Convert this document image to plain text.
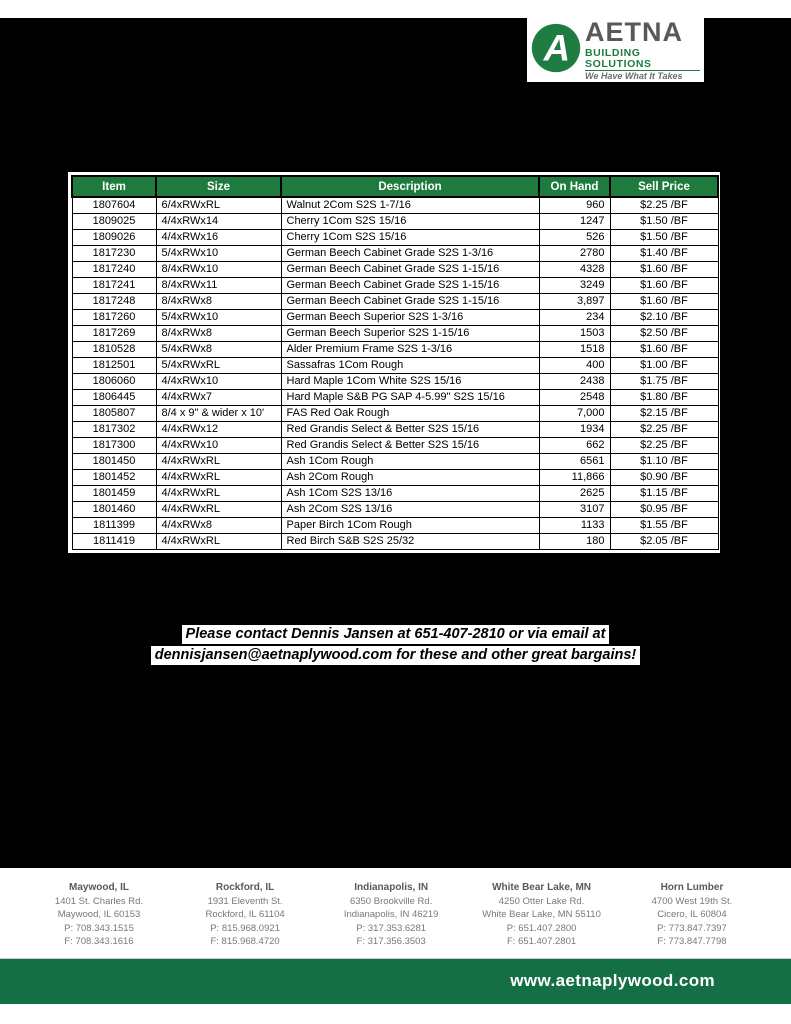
A AETNA
BUILDING SOLUTIONS
We Have What It Takes
Item	Size	Description	On Hand	Sell Price
1807604	6/4xRWxRL	Walnut 2Com S2S 1-7/16	960	$2.25 /BF
1809025	4/4xRWx14	Cherry 1Com S2S 15/16	1247	$1.50 /BF
1809026	4/4xRWx16	Cherry 1Com S2S 15/16	526	$1.50 /BF
1817230	5/4xRWx10	German Beech Cabinet Grade S2S 1-3/16	2780	$1.40 /BF
1817240	8/4xRWx10	German Beech Cabinet Grade S2S 1-15/16	4328	$1.60 /BF
1817241	8/4xRWx11	German Beech Cabinet Grade S2S 1-15/16	3249	$1.60 /BF
1817248	8/4xRWx8	German Beech Cabinet Grade S2S 1-15/16	3,897	$1.60 /BF
1817260	5/4xRWx10	German Beech Superior S2S 1-3/16	234	$2.10 /BF
1817269	8/4xRWx8	German Beech Superior S2S 1-15/16	1503	$2.50 /BF
1810528	5/4xRWx8	Alder Premium Frame S2S 1-3/16	1518	$1.60 /BF
1812501	5/4xRWxRL	Sassafras 1Com Rough	400	$1.00 /BF
1806060	4/4xRWx10	Hard Maple 1Com White S2S 15/16	2438	$1.75 /BF
1806445	4/4xRWx7	Hard Maple S&B PG SAP 4-5.99" S2S 15/16	2548	$1.80 /BF
1805807	8/4 x 9" & wider x 10'	FAS Red Oak Rough	7,000	$2.15 /BF
1817302	4/4xRWx12	Red Grandis Select & Better S2S 15/16	1934	$2.25 /BF
1817300	4/4xRWx10	Red Grandis Select & Better S2S 15/16	662	$2.25 /BF
1801450	4/4xRWxRL	Ash 1Com Rough	6561	$1.10 /BF
1801452	4/4xRWxRL	Ash 2Com Rough	11,866	$0.90 /BF
1801459	4/4xRWxRL	Ash 1Com S2S 13/16	2625	$1.15 /BF
1801460	4/4xRWxRL	Ash 2Com S2S 13/16	3107	$0.95 /BF
1811399	4/4xRWx8	Paper Birch 1Com Rough	1133	$1.55 /BF
1811419	4/4xRWxRL	Red Birch S&B S2S 25/32	180	$2.05 /BF
Please contact Dennis Jansen at 651-407-2810 or via email at
dennisjansen@aetnaplywood.com for these and other great bargains!
Maywood, IL
1401 St. Charles Rd.
Maywood, IL 60153
P: 708.343.1515
F: 708.343.1616
Rockford, IL
1931 Eleventh St.
Rockford, IL 61104
P: 815.968.0921
F: 815.968.4720
Indianapolis, IN
6350 Brookville Rd.
Indianapolis, IN 46219
P: 317.353.6281
F: 317.356.3503
White Bear Lake, MN
4250 Otter Lake Rd.
White Bear Lake, MN 55110
P: 651.407.2800
F: 651.407.2801
Horn Lumber
4700 West 19th St.
Cicero, IL 60804
P: 773.847.7397
F: 773.847.7798
www.aetnaplywood.com
